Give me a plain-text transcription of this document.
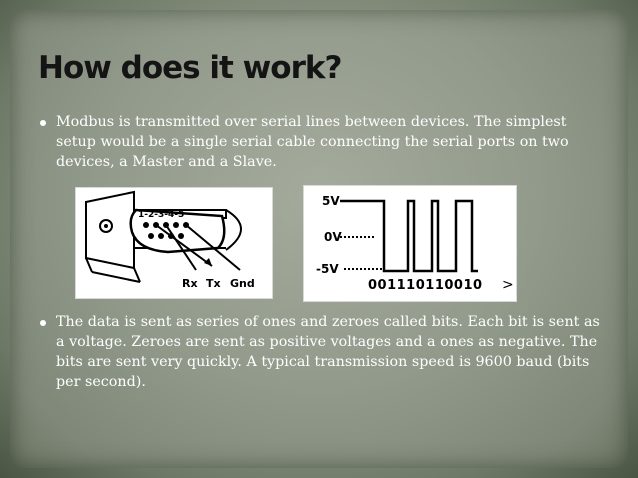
How does it work?
Modbus is transmitted over serial lines between devices. The simplest setup would be a single serial cable connecting the serial ports on two devices, a Master and a Slave.
1-2-3-4-5
Rx Tx Gnd
5V
0V
-5V
001110110010 >
The data is sent as series of ones and zeroes called bits. Each bit is sent as a voltage. Zeroes are sent as positive voltages and a ones as negative. The bits are sent very quickly. A typical transmission speed is 9600 baud (bits per second).
